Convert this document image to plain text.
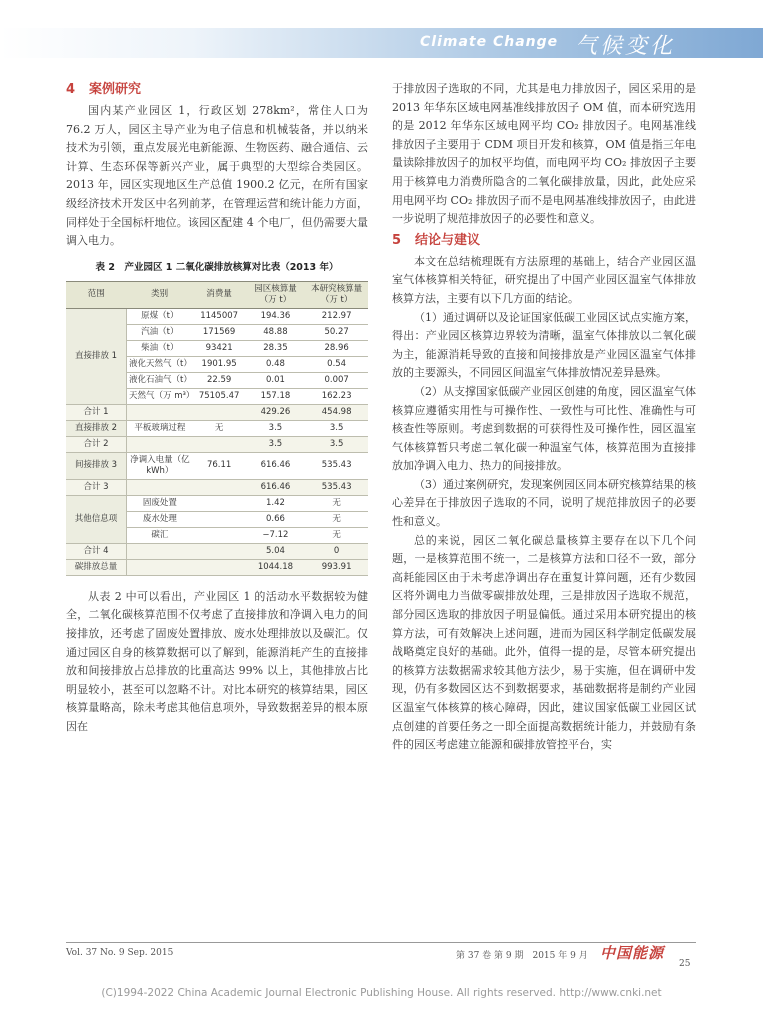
Climate Change 气候变化
4 案例研究

国内某产业园区 1，行政区划 278km²，常住人口为 76.2 万人，园区主导产业为电子信息和机械装备，并以纳米技术为引领，重点发展光电新能源、生物医药、融合通信、云计算、生态环保等新兴产业，属于典型的大型综合类园区。2013 年，园区实现地区生产总值 1900.2 亿元，在所有国家级经济技术开发区中名列前茅，在管理运营和统计能力方面，同样处于全国标杆地位。该园区配建 4 个电厂，但仍需要大量调入电力。

表 2　产业园区 1 二氧化碳排放核算对比表（2013 年）
范围	类别	消费量	园区核算量（万 t）	本研究核算量（万 t）
直接排放 1	原煤（t）	1145007	194.36	212.97
	汽油（t）	171569	48.88	50.27
	柴油（t）	93421	28.35	28.96
	液化天然气（t）	1901.95	0.48	0.54
	液化石油气（t）	22.59	0.01	0.007
	天然气（万 m³）	75105.47	157.18	162.23
合计 1			429.26	454.98
直接排放 2	平板玻璃过程	无	3.5	3.5
合计 2			3.5	3.5
间接排放 3	净调入电量（亿 kWh）	76.11	616.46	535.43
合计 3			616.46	535.43
其他信息项	固废处置		1.42	无
	废水处理		0.66	无
	碳汇		−7.12	无
合计 4			5.04	0
碳排放总量			1044.18	993.91

从表 2 中可以看出，产业园区 1 的活动水平数据较为健全，二氧化碳核算范围不仅考虑了直接排放和净调入电力的间接排放，还考虑了固废处置排放、废水处理排放以及碳汇。仅通过园区自身的核算数据可以了解到，能源消耗产生的直接排放和间接排放占总排放的比重高达 99% 以上，其他排放占比明显较小，甚至可以忽略不计。对比本研究的核算结果，园区核算量略高，除未考虑其他信息项外，导致数据差异的根本原因在

于排放因子选取的不同，尤其是电力排放因子，园区采用的是 2013 年华东区域电网基准线排放因子 OM 值，而本研究选用的是 2012 年华东区域电网平均 CO₂ 排放因子。电网基准线排放因子主要用于 CDM 项目开发和核算，OM 值是指三年电量读除排放因子的加权平均值，而电网平均 CO₂ 排放因子主要用于核算电力消费所隐含的二氧化碳排放量，因此，此处应采用电网平均 CO₂ 排放因子而不是电网基准线排放因子，由此进一步说明了规范排放因子的必要性和意义。

5 结论与建议

本文在总结梳理既有方法原理的基础上，结合产业园区温室气体核算相关特征，研究提出了中国产业园区温室气体排放核算方法，主要有以下几方面的结论。

（1）通过调研以及论证国家低碳工业园区试点实施方案，得出：产业园区核算边界较为清晰，温室气体排放以二氧化碳为主，能源消耗导致的直接和间接排放是产业园区温室气体排放的主要源头，不同园区间温室气体排放情况差异悬殊。

（2）从支撑国家低碳产业园区创建的角度，园区温室气体核算应遵循实用性与可操作性、一致性与可比性、准确性与可核查性等原则。考虑到数据的可获得性及可操作性，园区温室气体核算暂只考虑二氧化碳一种温室气体，核算范围为直接排放加净调入电力、热力的间接排放。

（3）通过案例研究，发现案例园区同本研究核算结果的核心差异在于排放因子选取的不同，说明了规范排放因子的必要性和意义。

总的来说，园区二氧化碳总量核算主要存在以下几个问题，一是核算范围不统一，二是核算方法和口径不一致，部分高耗能园区由于未考虑净调出存在重复计算问题，还有少数园区将外调电力当做零碳排放处理，三是排放因子选取不规范，部分园区选取的排放因子明显偏低。通过采用本研究提出的核算方法，可有效解决上述问题，进而为园区科学制定低碳发展战略奠定良好的基础。此外，值得一提的是，尽管本研究提出的核算方法数据需求较其他方法少，易于实施，但在调研中发现，仍有多数园区达不到数据要求，基础数据将是制约产业园区温室气体核算的核心障碍，因此，建议国家低碳工业园区试点创建的首要任务之一即全面提高数据统计能力，并鼓励有条件的园区考虑建立能源和碳排放管控平台，实

Vol. 37 No. 9 Sep. 2015	第 37 卷 第 9 期　2015 年 9 月 中国能源
25
(C)1994-2022 China Academic Journal Electronic Publishing House. All rights reserved. http://www.cnki.net
